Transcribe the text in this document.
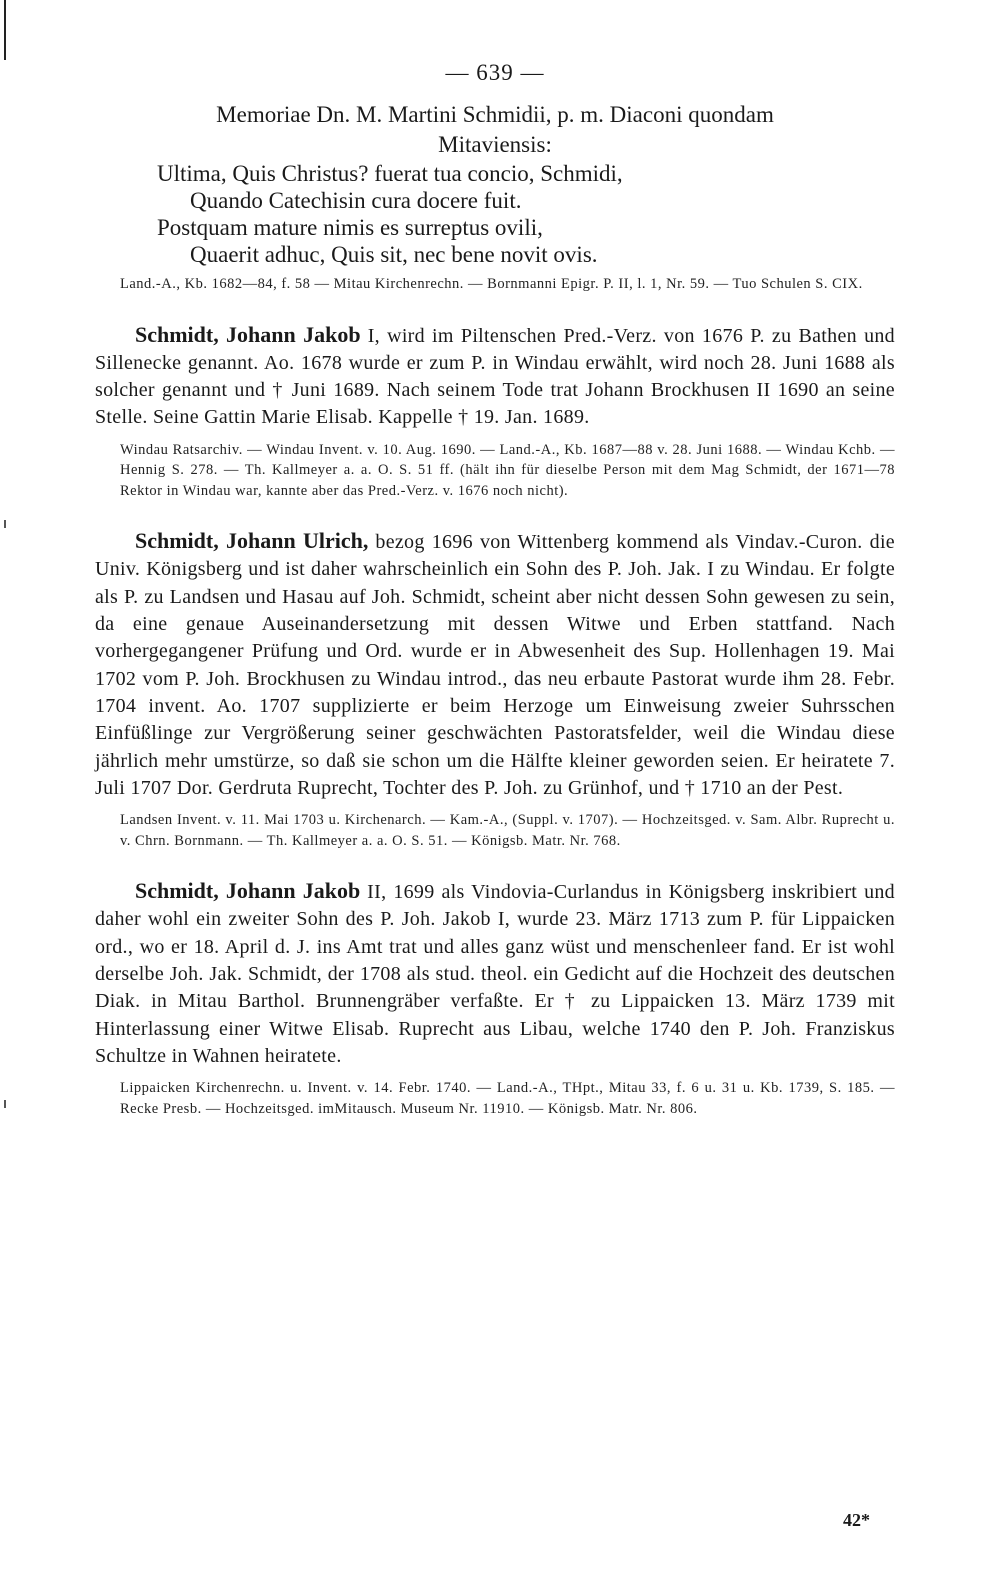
— 639 —
Memoriae Dn. M. Martini Schmidii, p. m. Diaconi quondam
Mitaviensis:
Ultima, Quis Christus? fuerat tua concio, Schmidi,
Quando Catechisin cura docere fuit.
Postquam mature nimis es surreptus ovili,
Quaerit adhuc, Quis sit, nec bene novit ovis.
Land.-A., Kb. 1682—84, f. 58 — Mitau Kirchenrechn. — Bornmanni Epigr. P. II, l. 1, Nr. 59. — Tuo Schulen S. CIX.
Schmidt, Johann Jakob I, wird im Piltenschen Pred.-Verz. von 1676 P. zu Bathen und Sillenecke genannt. Ao. 1678 wurde er zum P. in Windau erwählt, wird noch 28. Juni 1688 als solcher genannt und † Juni 1689. Nach seinem Tode trat Johann Brockhusen II 1690 an seine Stelle. Seine Gattin Marie Elisab. Kappelle † 19. Jan. 1689.
Windau Ratsarchiv. — Windau Invent. v. 10. Aug. 1690. — Land.-A., Kb. 1687—88 v. 28. Juni 1688. — Windau Kchb. — Hennig S. 278. — Th. Kallmeyer a. a. O. S. 51 ff. (hält ihn für dieselbe Person mit dem Mag Schmidt, der 1671—78 Rektor in Windau war, kannte aber das Pred.-Verz. v. 1676 noch nicht).
Schmidt, Johann Ulrich, bezog 1696 von Wittenberg kommend als Vindav.-Curon. die Univ. Königsberg und ist daher wahrscheinlich ein Sohn des P. Joh. Jak. I zu Windau. Er folgte als P. zu Landsen und Hasau auf Joh. Schmidt, scheint aber nicht dessen Sohn gewesen zu sein, da eine genaue Auseinandersetzung mit dessen Witwe und Erben stattfand. Nach vorhergegangener Prüfung und Ord. wurde er in Abwesenheit des Sup. Hollenhagen 19. Mai 1702 vom P. Joh. Brockhusen zu Windau introd., das neu erbaute Pastorat wurde ihm 28. Febr. 1704 invent. Ao. 1707 supplizierte er beim Herzoge um Einweisung zweier Suhrsschen Einfüßlinge zur Vergrößerung seiner geschwächten Pastoratsfelder, weil die Windau diese jährlich mehr umstürze, so daß sie schon um die Hälfte kleiner geworden seien. Er heiratete 7. Juli 1707 Dor. Gerdruta Ruprecht, Tochter des P. Joh. zu Grünhof, und † 1710 an der Pest.
Landsen Invent. v. 11. Mai 1703 u. Kirchenarch. — Kam.-A., (Suppl. v. 1707). — Hochzeitsged. v. Sam. Albr. Ruprecht u. v. Chrn. Bornmann. — Th. Kallmeyer a. a. O. S. 51. — Königsb. Matr. Nr. 768.
Schmidt, Johann Jakob II, 1699 als Vindovia-Curlandus in Königsberg inskribiert und daher wohl ein zweiter Sohn des P. Joh. Jakob I, wurde 23. März 1713 zum P. für Lippaicken ord., wo er 18. April d. J. ins Amt trat und alles ganz wüst und menschenleer fand. Er ist wohl derselbe Joh. Jak. Schmidt, der 1708 als stud. theol. ein Gedicht auf die Hochzeit des deutschen Diak. in Mitau Barthol. Brunnengräber verfaßte. Er † zu Lippaicken 13. März 1739 mit Hinterlassung einer Witwe Elisab. Ruprecht aus Libau, welche 1740 den P. Joh. Franziskus Schultze in Wahnen heiratete.
Lippaicken Kirchenrechn. u. Invent. v. 14. Febr. 1740. — Land.-A., THpt., Mitau 33, f. 6 u. 31 u. Kb. 1739, S. 185. — Recke Presb. — Hochzeitsged. imMitausch. Museum Nr. 11910. — Königsb. Matr. Nr. 806.
42*
